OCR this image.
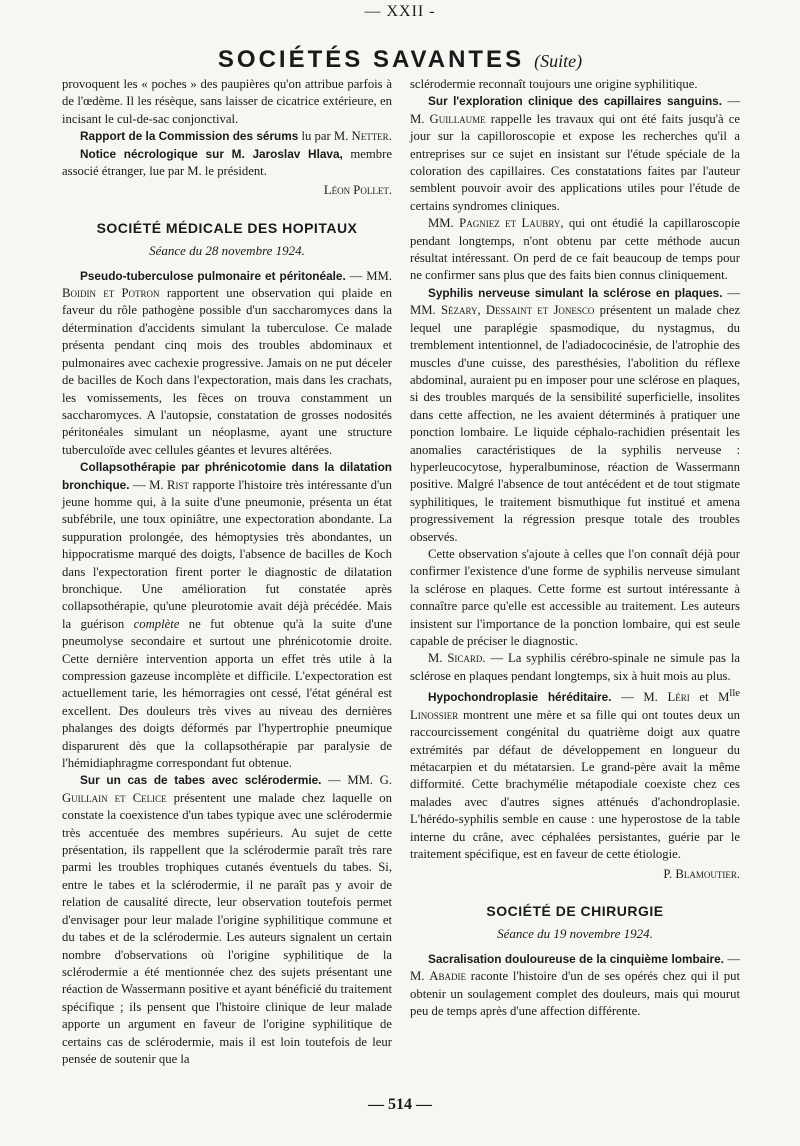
— XXII -
SOCIÉTÉS SAVANTES (Suite)

provoquent les « poches » des paupières qu'on attribue parfois à de l'œdème. Il les résèque, sans laisser de cicatrice extérieure, en incisant le cul-de-sac conjonctival.

Rapport de la Commission des sérums lu par M. Netter.

Notice nécrologique sur M. Jaroslav Hlava, membre associé étranger, lue par M. le président.

Léon Pollet.
SOCIÉTÉ MÉDICALE DES HOPITAUX
Séance du 28 novembre 1924.

Pseudo-tuberculose pulmonaire et péritonéale. — MM. Boidin et Potron rapportent une observation qui plaide en faveur du rôle pathogène possible d'un saccharomyces dans la détermination d'accidents simulant la tuberculose. Ce malade présenta pendant cinq mois des troubles abdominaux et pulmonaires avec cachexie progressive. Jamais on ne put déceler de bacilles de Koch dans l'expectoration, mais dans les crachats, les vomissements, les fèces on trouva constamment un saccharomyces. A l'autopsie, constatation de grosses nodosités péritonéales simulant un néoplasme, ayant une structure tuberculoïde avec cellules géantes et levures altérées.

Collapsothérapie par phrénicotomie dans la dilatation bronchique. — M. Rist rapporte l'histoire très intéressante d'un jeune homme qui, à la suite d'une pneumonie, présenta un état subfébrile, une toux opiniâtre, une expectoration abondante. La suppuration prolongée, des hémoptysies très abondantes, un hippocratisme marqué des doigts, l'absence de bacilles de Koch dans l'expectoration firent porter le diagnostic de dilatation bronchique. Une amélioration fut constatée après collapsothérapie, qu'une pleurotomie avait déjà précédée. Mais la guérison complète ne fut obtenue qu'à la suite d'une pneumolyse secondaire et surtout une phrénicotomie droite. Cette dernière intervention apporta un effet très utile à la compression gazeuse incomplète et difficile. L'expectoration est actuellement tarie, les hémorragies ont cessé, l'état général est excellent. Des douleurs très vives au niveau des dernières phalanges des doigts déformés par l'hypertrophie pneumique disparurent dès que la collapsothérapie par paralysie de l'hémidiaphragme correspondant fut obtenue.

Sur un cas de tabes avec sclérodermie. — MM. G. Guillain et Celice présentent une malade chez laquelle on constate la coexistence d'un tabes typique avec une sclérodermie très accentuée des membres supérieurs. Au sujet de cette présentation, ils rappellent que la sclérodermie paraît très rare parmi les troubles trophiques cutanés éventuels du tabes. Si, entre le tabes et la sclérodermie, il ne paraît pas y avoir de relation de causalité directe, leur observation toutefois permet d'envisager pour leur malade l'origine syphilitique commune et du tabes et de la sclérodermie. Les auteurs signalent un certain nombre d'observations où l'origine syphilitique de la sclérodermie a été mentionnée chez des sujets présentant une réaction de Wassermann positive et ayant bénéficié du traitement spécifique ; ils pensent que l'histoire clinique de leur malade apporte un argument en faveur de l'origine syphilitique de certains cas de sclérodermie, mais il est loin toutefois de leur pensée de soutenir que la

sclérodermie reconnaît toujours une origine syphilitique.

Sur l'exploration clinique des capillaires sanguins. — M. Guillaume rappelle les travaux qui ont été faits jusqu'à ce jour sur la capilloroscopie et expose les recherches qu'il a entreprises sur ce sujet en insistant sur l'étude spéciale de la coloration des capillaires. Ces constatations faites par l'auteur semblent pouvoir avoir des applications utiles pour l'étude de certains syndromes cliniques.

MM. Pagniez et Laubry, qui ont étudié la capillaroscopie pendant longtemps, n'ont obtenu par cette méthode aucun résultat intéressant. On perd de ce fait beaucoup de temps pour ne confirmer sans plus que des faits bien connus cliniquement.

Syphilis nerveuse simulant la sclérose en plaques. — MM. Sézary, Dessaint et Jonesco présentent un malade chez lequel une paraplégie spasmodique, du nystagmus, du tremblement intentionnel, de l'adiadococinésie, de l'atrophie des muscles d'une cuisse, des paresthésies, l'abolition du réflexe abdominal, auraient pu en imposer pour une sclérose en plaques, si des troubles marqués de la sensibilité superficielle, insolites dans cette affection, ne les avaient déterminés à pratiquer une ponction lombaire. Le liquide céphalo-rachidien présentait les anomalies caractéristiques de la syphilis nerveuse : hyperleucocytose, hyperalbuminose, réaction de Wassermann positive. Malgré l'absence de tout antécédent et de tout stigmate syphilitiques, le traitement bismuthique fut institué et amena progressivement la régression presque totale des troubles observés.

Cette observation s'ajoute à celles que l'on connaît déjà pour confirmer l'existence d'une forme de syphilis nerveuse simulant la sclérose en plaques. Cette forme est surtout intéressante à connaître parce qu'elle est accessible au traitement. Les auteurs insistent sur l'importance de la ponction lombaire, qui est seule capable de préciser le diagnostic.

M. Sicard. — La syphilis cérébro-spinale ne simule pas la sclérose en plaques pendant longtemps, six à huit mois au plus.

Hypochondroplasie héréditaire. — M. Léri et $M^{lle}$ Linossier montrent une mère et sa fille qui ont toutes deux un raccourcissement congénital du quatrième doigt aux quatre extrémités par défaut de développement en longueur du métacarpien et du métatarsien. Le grand-père avait la même difformité. Cette brachymélie métapodiale coexiste chez ces malades avec d'autres signes atténués d'achondroplasie. L'hérédo-syphilis semble en cause : une hyperostose de la table interne du crâne, avec céphalées persistantes, guérie par le traitement spécifique, est en faveur de cette étiologie.

P. Blamoutier.
SOCIÉTÉ DE CHIRURGIE
Séance du 19 novembre 1924.

Sacralisation douloureuse de la cinquième lombaire. — M. Abadie raconte l'histoire d'un de ses opérés chez qui il put obtenir un soulagement complet des douleurs, mais qui mourut peu de temps après d'une affection différente.

— 514 —
